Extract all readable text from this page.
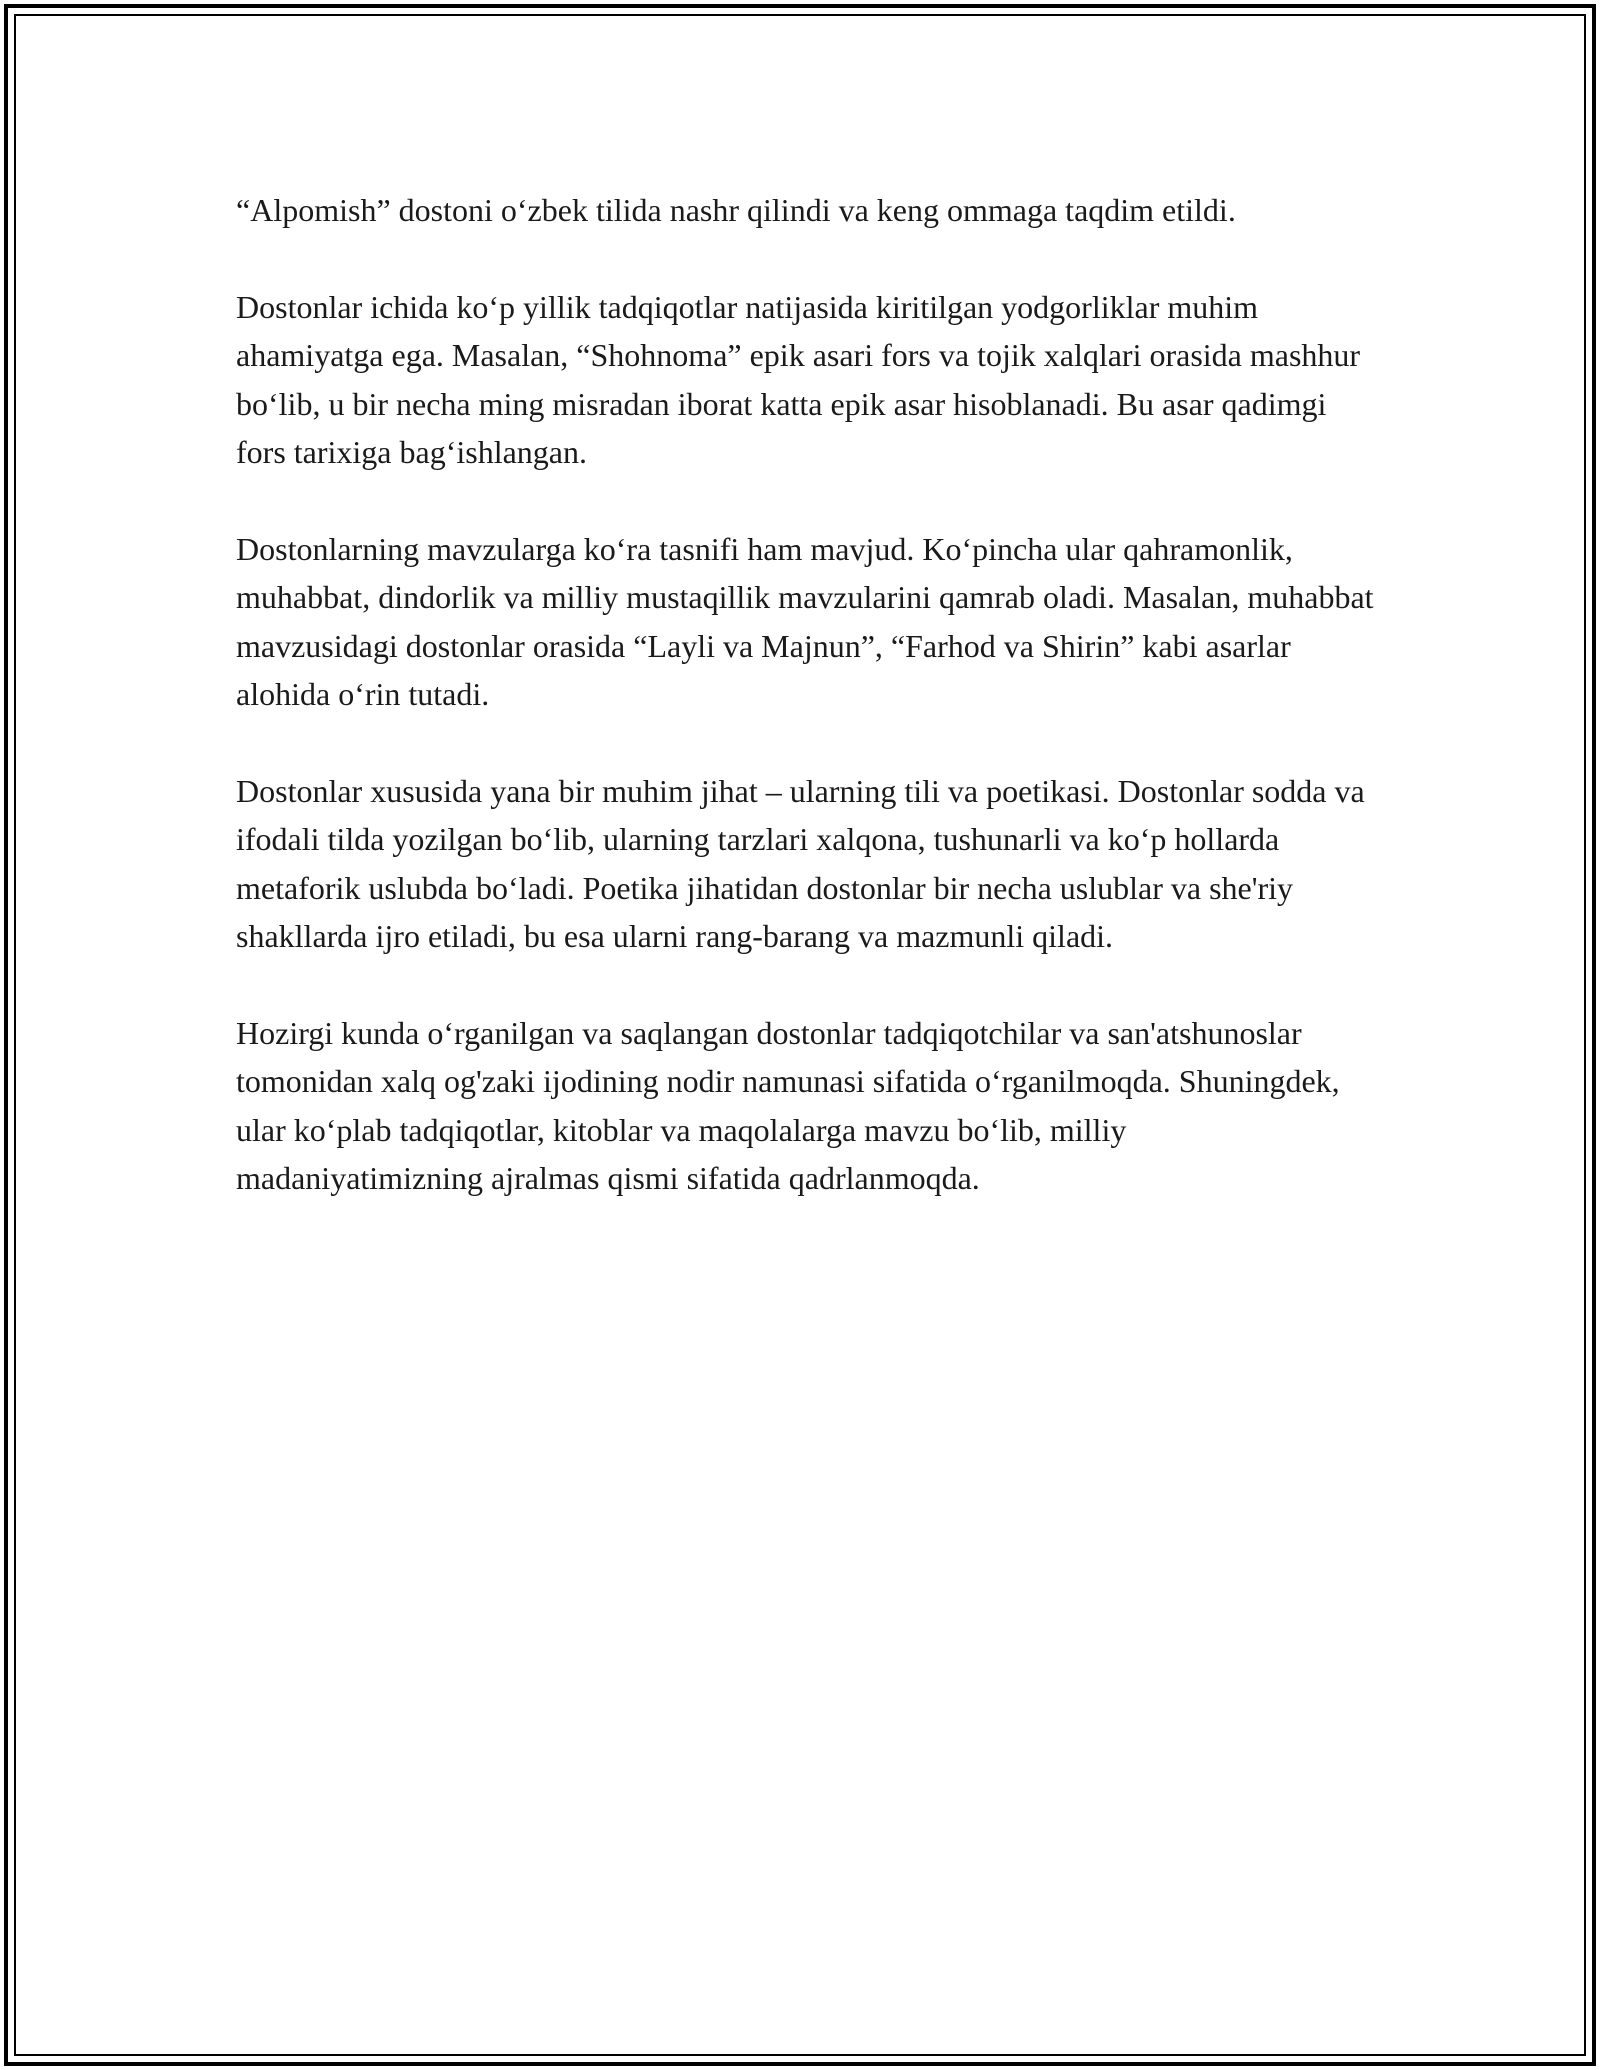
“Alpomish” dostoni o‘zbek tilida nashr qilindi va keng ommaga taqdim etildi.

Dostonlar ichida ko‘p yillik tadqiqotlar natijasida kiritilgan yodgorliklar muhim ahamiyatga ega. Masalan, “Shohnoma” epik asari fors va tojik xalqlari orasida mashhur bo‘lib, u bir necha ming misradan iborat katta epik asar hisoblanadi. Bu asar qadimgi fors tarixiga bag‘ishlangan.

Dostonlarning mavzularga ko‘ra tasnifi ham mavjud. Ko‘pincha ular qahramonlik, muhabbat, dindorlik va milliy mustaqillik mavzularini qamrab oladi. Masalan, muhabbat mavzusidagi dostonlar orasida “Layli va Majnun”, “Farhod va Shirin” kabi asarlar alohida o‘rin tutadi.

Dostonlar xususida yana bir muhim jihat – ularning tili va poetikasi. Dostonlar sodda va ifodali tilda yozilgan bo‘lib, ularning tarzlari xalqona, tushunarli va ko‘p hollarda metaforik uslubda bo‘ladi. Poetika jihatidan dostonlar bir necha uslublar va she'riy shakllarda ijro etiladi, bu esa ularni rang-barang va mazmunli qiladi.

Hozirgi kunda o‘rganilgan va saqlangan dostonlar tadqiqotchilar va san'atshunoslar tomonidan xalq og'zaki ijodining nodir namunasi sifatida o‘rganilmoqda. Shuningdek, ular ko‘plab tadqiqotlar, kitoblar va maqolalarga mavzu bo‘lib, milliy madaniyatimizning ajralmas qismi sifatida qadrlanmoqda.
